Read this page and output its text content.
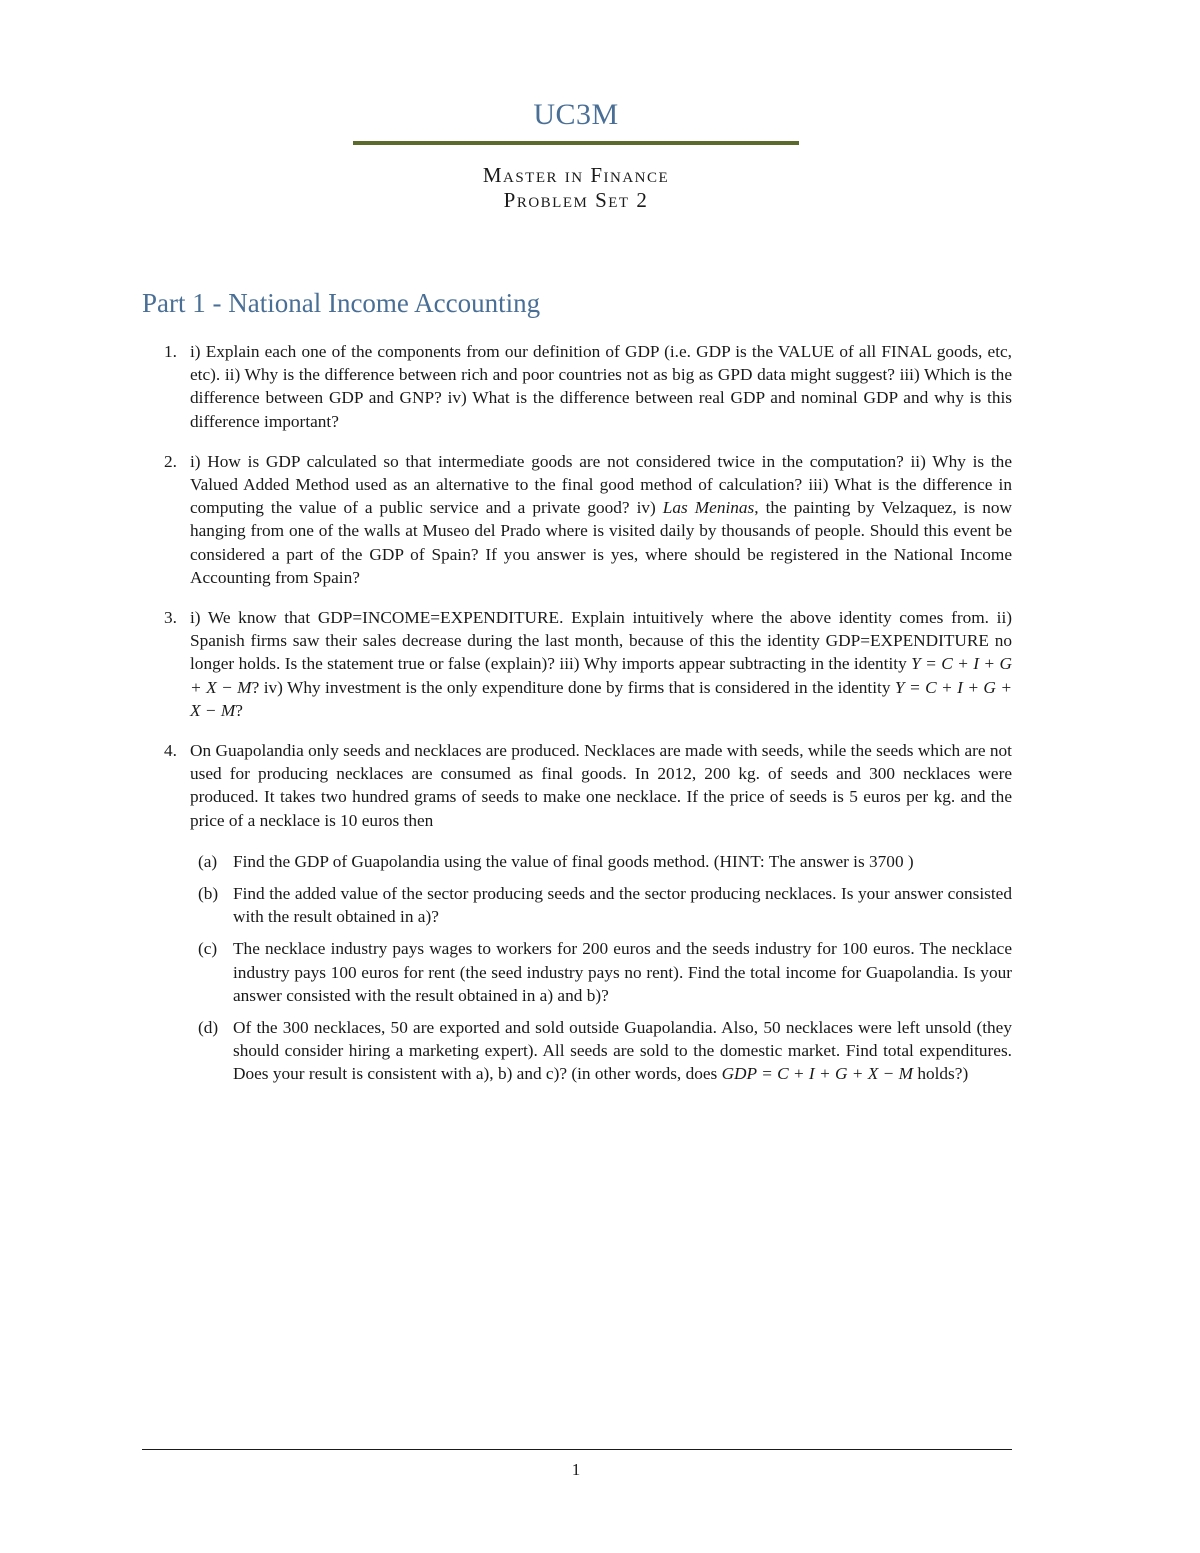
UC3M
Master in Finance
Problem Set 2
Part 1 - National Income Accounting
1. i) Explain each one of the components from our definition of GDP (i.e. GDP is the VALUE of all FINAL goods, etc, etc). ii) Why is the difference between rich and poor countries not as big as GPD data might suggest? iii) Which is the difference between GDP and GNP? iv) What is the difference between real GDP and nominal GDP and why is this difference important?
2. i) How is GDP calculated so that intermediate goods are not considered twice in the computation? ii) Why is the Valued Added Method used as an alternative to the final good method of calculation? iii) What is the difference in computing the value of a public service and a private good? iv) Las Meninas, the painting by Velzaquez, is now hanging from one of the walls at Museo del Prado where is visited daily by thousands of people. Should this event be considered a part of the GDP of Spain? If you answer is yes, where should be registered in the National Income Accounting from Spain?
3. i) We know that GDP=INCOME=EXPENDITURE. Explain intuitively where the above identity comes from. ii) Spanish firms saw their sales decrease during the last month, because of this the identity GDP=EXPENDITURE no longer holds. Is the statement true or false (explain)? iii) Why imports appear subtracting in the identity Y = C + I + G + X − M? iv) Why investment is the only expenditure done by firms that is considered in the identity Y = C + I + G + X − M?
4. On Guapolandia only seeds and necklaces are produced. Necklaces are made with seeds, while the seeds which are not used for producing necklaces are consumed as final goods. In 2012, 200 kg. of seeds and 300 necklaces were produced. It takes two hundred grams of seeds to make one necklace. If the price of seeds is 5 euros per kg. and the price of a necklace is 10 euros then
(a) Find the GDP of Guapolandia using the value of final goods method. (HINT: The answer is 3700 )
(b) Find the added value of the sector producing seeds and the sector producing necklaces. Is your answer consisted with the result obtained in a)?
(c) The necklace industry pays wages to workers for 200 euros and the seeds industry for 100 euros. The necklace industry pays 100 euros for rent (the seed industry pays no rent). Find the total income for Guapolandia. Is your answer consisted with the result obtained in a) and b)?
(d) Of the 300 necklaces, 50 are exported and sold outside Guapolandia. Also, 50 necklaces were left unsold (they should consider hiring a marketing expert). All seeds are sold to the domestic market. Find total expenditures. Does your result is consistent with a), b) and c)? (in other words, does GDP = C + I + G + X − M holds?)
1
